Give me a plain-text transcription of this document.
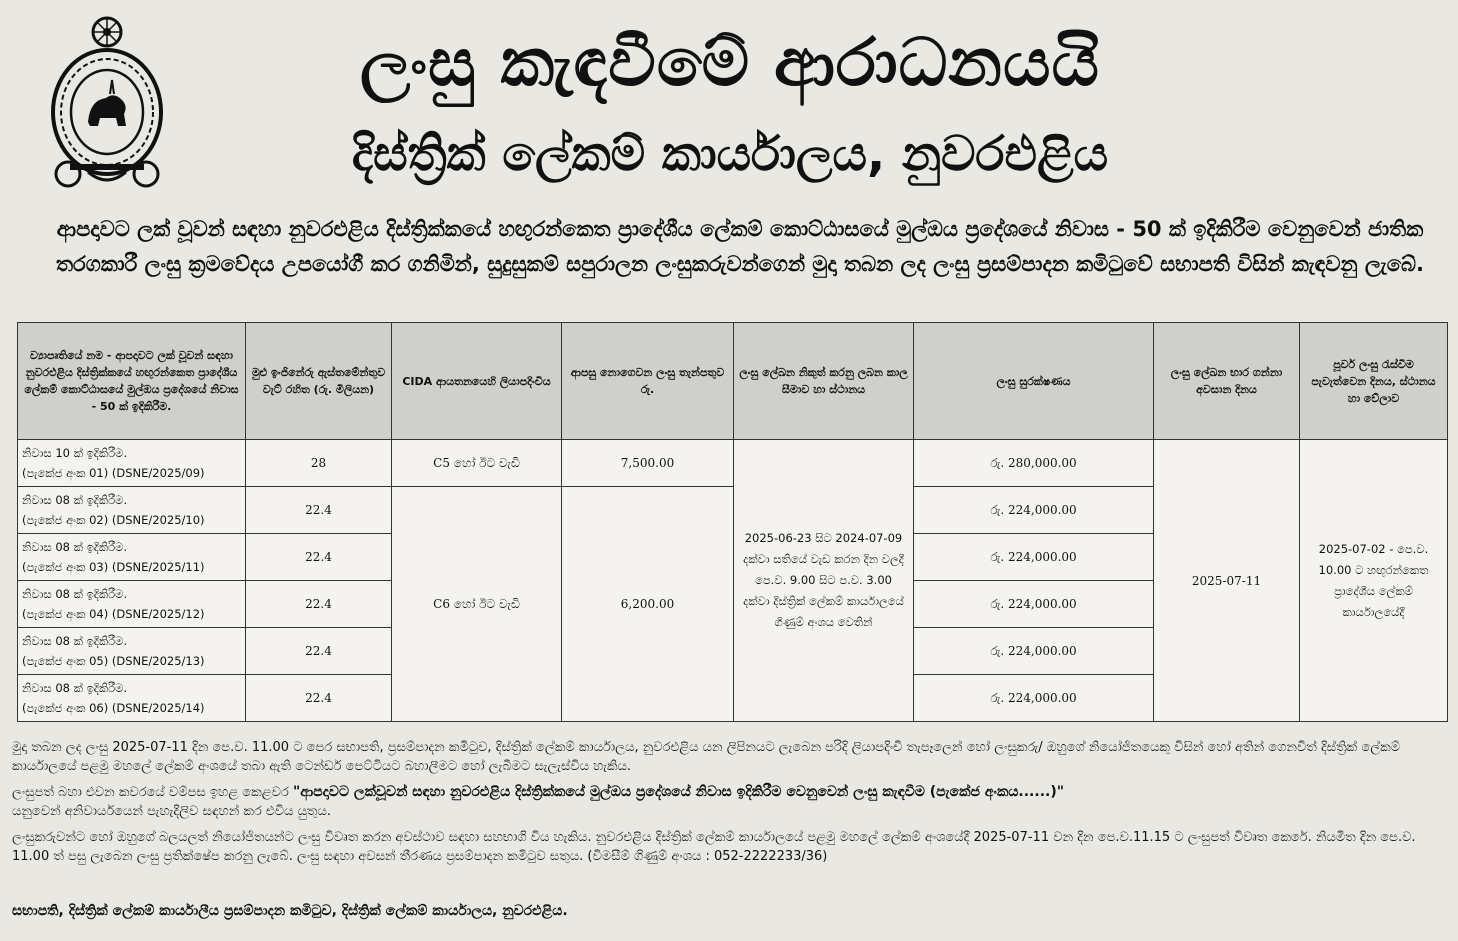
ලංසු කැඳවීමේ ආරාධනයයි
දිස්ත්‍රික් ලේකම් කාර්යාලය, නුවරඑළිය
ආපදාවට ලක් වූවන් සඳහා නුවරඑළිය දිස්ත්‍රික්කයේ හඟුරන්කෙත ප්‍රාදේශීය ලේකම් කොට්ඨාසයේ මුල්ඔය ප්‍රදේශයේ නිවාස - 50 ක් ඉදිකිරීම වෙනුවෙන් ජාතික තරගකාරී ලංසු ක්‍රමවේදය උපයෝගී කර ගනිමින්, සුදුසුකම් සපුරාලන ලංසුකරුවන්ගෙන් මුදා තබන ලද ලංසු ප්‍රසම්පාදන කමිටුවේ සභාපති විසින් කැඳවනු ලැබේ.
ව්‍යාපෘතියේ නම - ආපදාවට ලක් වූවන් සඳහා නුවරඑළිය දිස්ත්‍රික්කයේ හඟුරන්කෙත ප්‍රාදේශීය ලේකම් කොට්ඨාසයේ මුල්ඔය ප්‍රදේශයේ නිවාස - 50 ක් ඉදිකිරීම.	මුළු ඉංජිනේරු ඇස්තමේන්තුව වැට් රහිත (රු. මිලියන)	CIDA ආයතනයෙහි ලියාපදිංචිය	ආපසු නොගෙවන ලංසු තැන්පතුව රු.	ලංසු ලේඛන නිකුත් කරනු ලබන කාල සීමාව හා ස්ථානය	ලංසු සුරක්ෂණය	ලංසු ලේඛන භාර ගන්නා අවසාන දිනය	පූර්ව ලංසු රැස්වීම පැවැත්වෙන දිනය, ස්ථානය හා වේලාව

නිවාස 10 ක් ඉදිකිරීම.
(පැකේජ අංක 01) (DSNE/2025/09)	28	C5 හෝ ඊට වැඩි	7,500.00	2025-06-23 සිට 2024-07-09 දක්වා සතියේ වැඩ කරන දින වලදී පෙ.ව. 9.00 සිට ප.ව. 3.00 දක්වා දිස්ත්‍රික් ලේකම් කාර්යාලයේ ගිණුම් අංශය වෙතින්	රු. 280,000.00	2025-07-11	2025-07-02 - පෙ.ව. 10.00 ට හඟුරන්කෙත ප්‍රාදේශීය ලේකම් කාර්යාලයේදී

නිවාස 08 ක් ඉදිකිරීම.
(පැකේජ අංක 02) (DSNE/2025/10)	22.4	C6 හෝ ඊට වැඩි	6,200.00		රු. 224,000.00		

නිවාස 08 ක් ඉදිකිරීම.
(පැකේජ අංක 03) (DSNE/2025/11)	22.4				රු. 224,000.00		

නිවාස 08 ක් ඉදිකිරීම.
(පැකේජ අංක 04) (DSNE/2025/12)	22.4				රු. 224,000.00		

නිවාස 08 ක් ඉදිකිරීම.
(පැකේජ අංක 05) (DSNE/2025/13)	22.4				රු. 224,000.00		

නිවාස 08 ක් ඉදිකිරීම.
(පැකේජ අංක 06) (DSNE/2025/14)	22.4				රු. 224,000.00		

මුදා තබන ලද ලංසු 2025-07-11 දින පෙ.ව. 11.00 ට පෙර සභාපති, ප්‍රසම්පාදන කමිටුව, දිස්ත්‍රික් ලේකම් කාර්යාලය, නුවරඑළිය යන ලිපිනයට ලැබෙන පරිදි ලියාපදිංචි තැපෑලෙන් හෝ ලංසුකරු/ ඔහුගේ නියෝජිතයෙකු විසින් හෝ අතින් ගෙනවිත් දිස්ත්‍රික් ලේකම් කාර්යාලයේ පළමු මහලේ ලේකම් අංශයේ තබා ඇති ටෙන්ඩර් පෙට්ටියට බහාලීමට හෝ ලැබීමට සැලැස්විය හැකිය.

ලංසුපත් බහා එවන කවරයේ වම්පස ඉහළ කෙළවර "ආපදාවට ලක්වූවන් සඳහා නුවරඑළිය දිස්ත්‍රික්කයේ මුල්ඔය ප්‍රදේශයේ නිවාස ඉදිකිරීම වෙනුවෙන් ලංසු කැඳවීම (පැකේජ අංකය......)"
යනුවෙන් අනිවාර්යයෙන් පැහැදිලිව සඳහන් කර එවිය යුතුය.

ලංසුකරුවන්ට හෝ ඔහුගේ බලයලත් නියෝජිතයන්ට ලංසු විවෘත කරන අවස්ථාව සඳහා සහභාගි විය හැකිය. නුවරඑළිය දිස්ත්‍රික් ලේකම් කාර්යාලයේ පළමු මහලේ ලේකම් අංශයේදී 2025-07-11 වන දින පෙ.ව.11.15 ට ලංසුපත් විවෘත කෙරේ. නියමිත දින පෙ.ව. 11.00 ත් පසු ලැබෙන ලංසු ප්‍රතික්ෂේප කරනු ලැබේ. ලංසු සඳහා අවසන් තීරණය ප්‍රසම්පාදන කමිටුව සතුය. (විමසීම් ගිණුම් අංශය : 052-2222233/36)

සභාපති, දිස්ත්‍රික් ලේකම් කාර්යාලීය ප්‍රසම්පාදන කමිටුව, දිස්ත්‍රික් ලේකම් කාර්යාලය, නුවරඑළිය.
